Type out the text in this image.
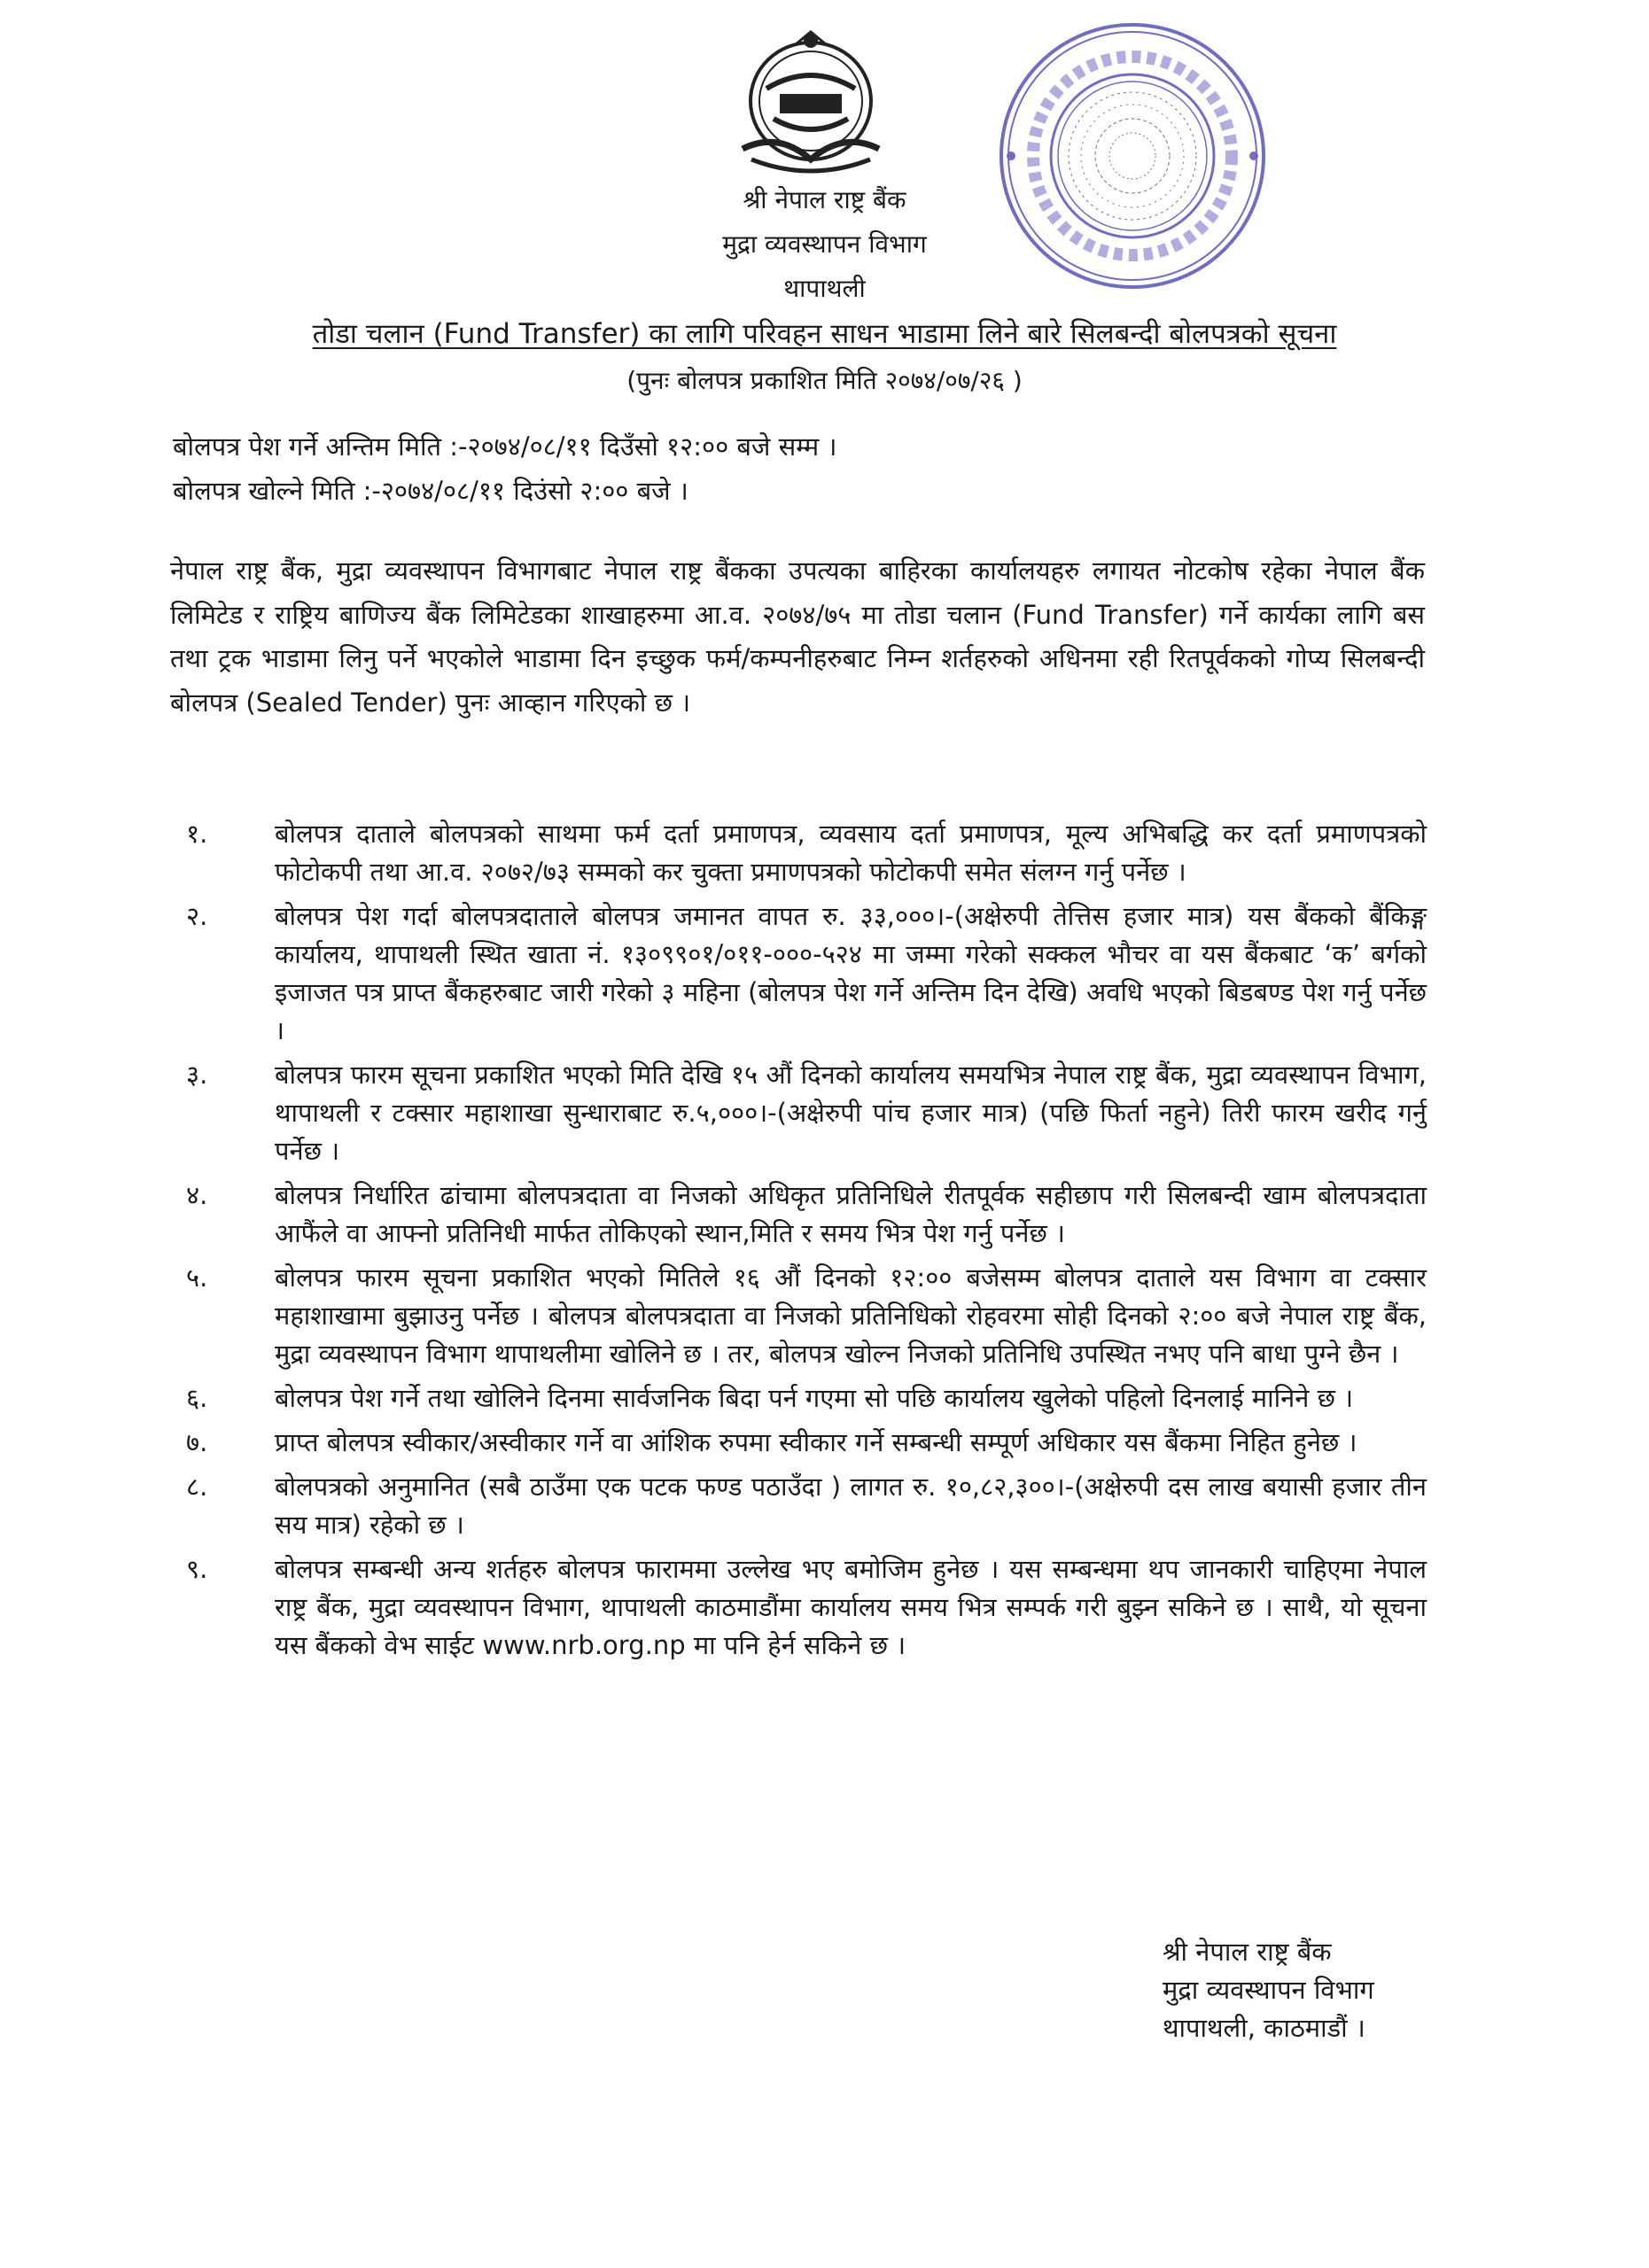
श्री नेपाल राष्ट्र बैंक
मुद्रा व्यवस्थापन विभाग
थापाथली
तोडा चलान (Fund Transfer) का लागि परिवहन साधन भाडामा लिने बारे सिलबन्दी बोलपत्रको सूचना
(पुनः बोलपत्र प्रकाशित मिति २०७४/०७/२६ )
बोलपत्र पेश गर्ने अन्तिम मिति :-२०७४/०८/११ दिउँसो १२:०० बजे सम्म ।
बोलपत्र खोल्ने मिति :-२०७४/०८/११ दिउंसो २:०० बजे ।

नेपाल राष्ट्र बैंक, मुद्रा व्यवस्थापन विभागबाट नेपाल राष्ट्र बैंकका उपत्यका बाहिरका कार्यालयहरु लगायत नोटकोष रहेका नेपाल बैंक लिमिटेड र राष्ट्रिय बाणिज्य बैंक लिमिटेडका शाखाहरुमा आ.व. २०७४/७५ मा तोडा चलान (Fund Transfer) गर्ने कार्यका लागि बस तथा ट्रक भाडामा लिनु पर्ने भएकोले भाडामा दिन इच्छुक फर्म/कम्पनीहरुबाट निम्न शर्तहरुको अधिनमा रही रितपूर्वकको गोप्य सिलबन्दी बोलपत्र (Sealed Tender) पुनः आव्हान गरिएको छ ।

१.	बोलपत्र दाताले बोलपत्रको साथमा फर्म दर्ता प्रमाणपत्र, व्यवसाय दर्ता प्रमाणपत्र, मूल्य अभिबद्धि कर दर्ता प्रमाणपत्रको फोटोकपी तथा आ.व. २०७२/७३ सम्मको कर चुक्ता प्रमाणपत्रको फोटोकपी समेत संलग्न गर्नु पर्नेछ ।
२.	बोलपत्र पेश गर्दा बोलपत्रदाताले बोलपत्र जमानत वापत रु. ३३,०००।-(अक्षेरुपी तेत्तिस हजार मात्र) यस बैंकको बैंकिङ्ग कार्यालय, थापाथली स्थित खाता नं. १३०९९०१/०११-०००-५२४ मा जम्मा गरेको सक्कल भौचर वा यस बैंकबाट ‘क’ बर्गको इजाजत पत्र प्राप्त बैंकहरुबाट जारी गरेको ३ महिना (बोलपत्र पेश गर्ने अन्तिम दिन देखि) अवधि भएको बिडबण्ड पेश गर्नु पर्नेछ ।
३.	बोलपत्र फारम सूचना प्रकाशित भएको मिति देखि १५ औं दिनको कार्यालय समयभित्र नेपाल राष्ट्र बैंक, मुद्रा व्यवस्थापन विभाग, थापाथली र टक्सार महाशाखा सुन्धाराबाट रु.५,०००।-(अक्षेरुपी पांच हजार मात्र) (पछि फिर्ता नहुने) तिरी फारम खरीद गर्नु पर्नेछ ।
४.	बोलपत्र निर्धारित ढांचामा बोलपत्रदाता वा निजको अधिकृत प्रतिनिधिले रीतपूर्वक सहीछाप गरी सिलबन्दी खाम बोलपत्रदाता आफैंले वा आफ्नो प्रतिनिधी मार्फत तोकिएको स्थान,मिति र समय भित्र पेश गर्नु पर्नेछ ।
५.	बोलपत्र फारम सूचना प्रकाशित भएको मितिले १६ औं दिनको १२:०० बजेसम्म बोलपत्र दाताले यस विभाग वा टक्सार महाशाखामा बुझाउनु पर्नेछ । बोलपत्र बोलपत्रदाता वा निजको प्रतिनिधिको रोहवरमा सोही दिनको २:०० बजे नेपाल राष्ट्र बैंक, मुद्रा व्यवस्थापन विभाग थापाथलीमा खोलिने छ । तर, बोलपत्र खोल्न निजको प्रतिनिधि उपस्थित नभए पनि बाधा पुग्ने छैन ।
६.	बोलपत्र पेश गर्ने तथा खोलिने दिनमा सार्वजनिक बिदा पर्न गएमा सो पछि कार्यालय खुलेको पहिलो दिनलाई मानिने छ ।
७.	प्राप्त बोलपत्र स्वीकार/अस्वीकार गर्ने वा आंशिक रुपमा स्वीकार गर्ने सम्बन्धी सम्पूर्ण अधिकार यस बैंकमा निहित हुनेछ ।
८.	बोलपत्रको अनुमानित (सबै ठाउँमा एक पटक फण्ड पठाउँदा ) लागत रु. १०,८२,३००।-(अक्षेरुपी दस लाख बयासी हजार तीन सय मात्र) रहेको छ ।
९.	बोलपत्र सम्बन्धी अन्य शर्तहरु बोलपत्र फाराममा उल्लेख भए बमोजिम हुनेछ । यस सम्बन्धमा थप जानकारी चाहिएमा नेपाल राष्ट्र बैंक, मुद्रा व्यवस्थापन विभाग, थापाथली काठमाडौंमा कार्यालय समय भित्र सम्पर्क गरी बुझ्न सकिने छ । साथै, यो सूचना यस बैंकको वेभ साईट www.nrb.org.np मा पनि हेर्न सकिने छ ।
श्री नेपाल राष्ट्र बैंक
मुद्रा व्यवस्थापन विभाग
थापाथली, काठमाडौं ।
